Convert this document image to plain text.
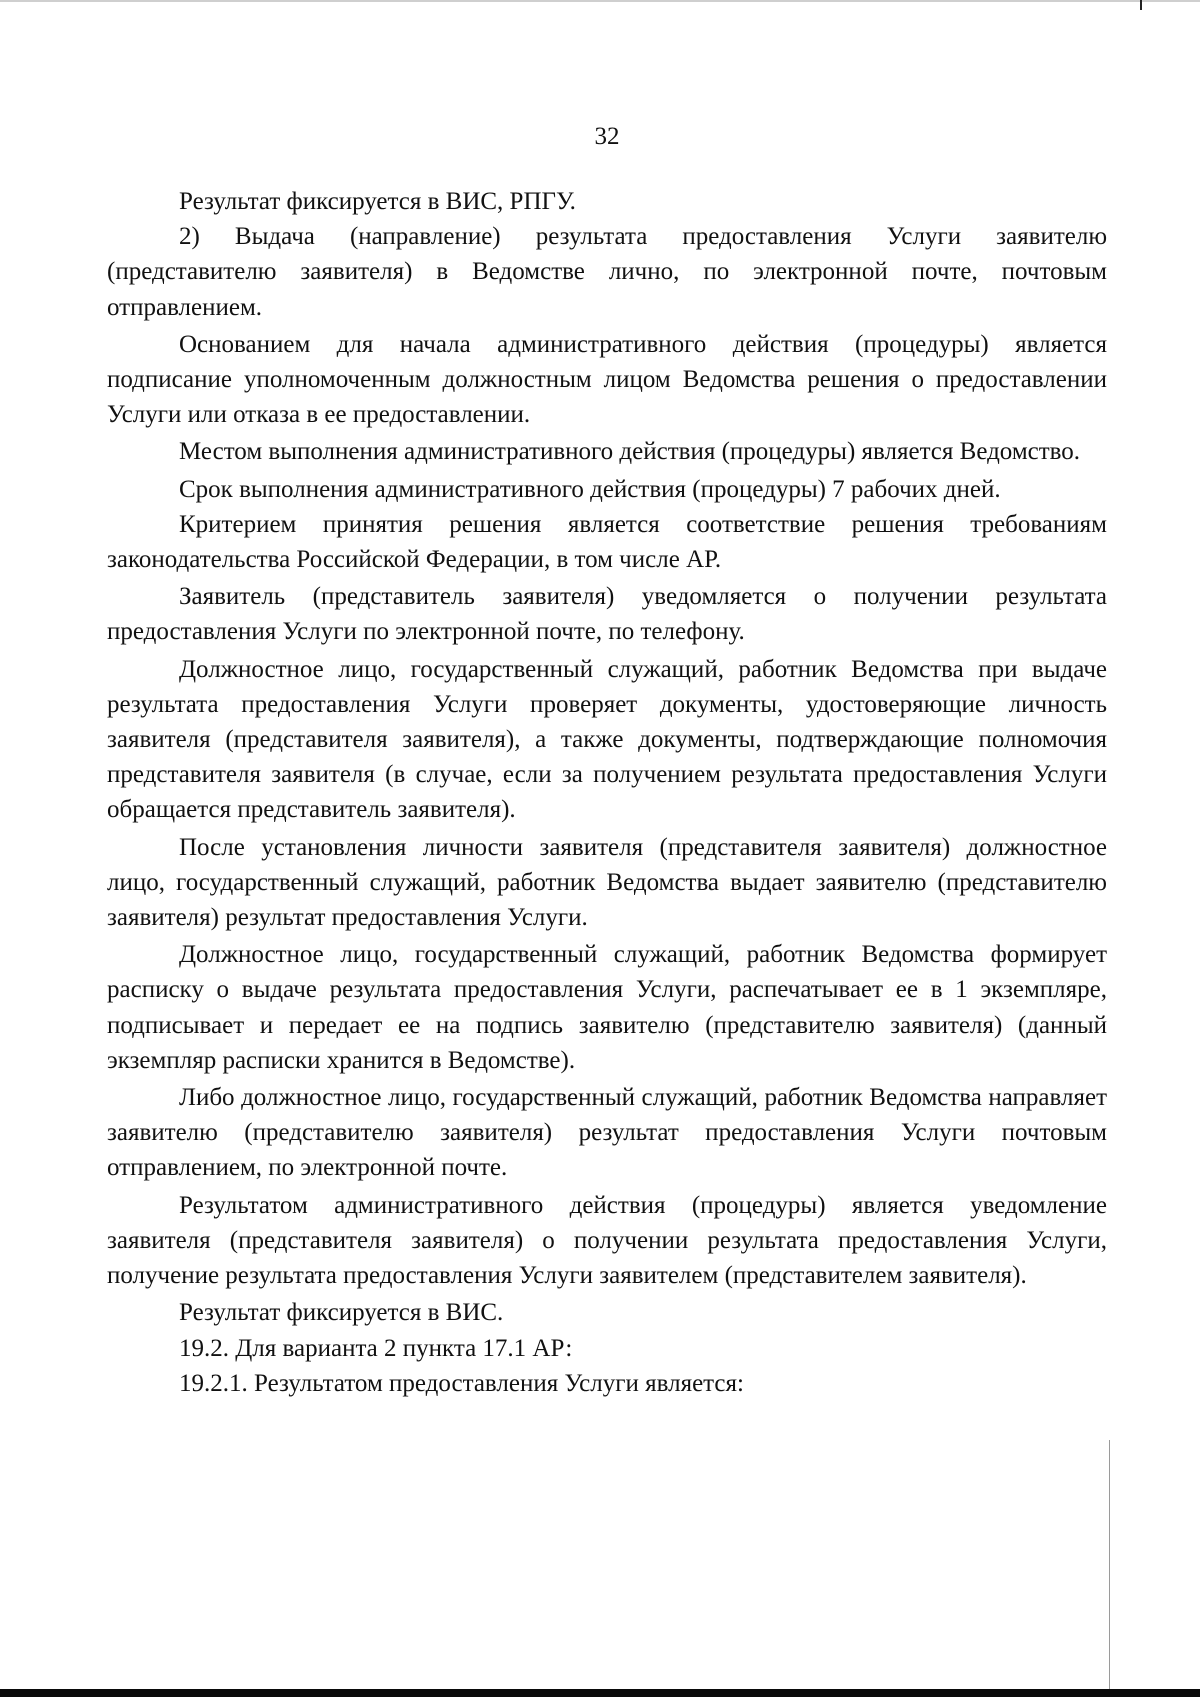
32

Результат фиксируется в ВИС, РПГУ.

2) Выдача (направление) результата предоставления Услуги заявителю (представителю заявителя) в Ведомстве лично, по электронной почте, почтовым отправлением.

Основанием для начала административного действия (процедуры) является подписание уполномоченным должностным лицом Ведомства решения о предоставлении Услуги или отказа в ее предоставлении.

Местом выполнения административного действия (процедуры) является Ведомство.

Срок выполнения административного действия (процедуры) 7 рабочих дней.

Критерием принятия решения является соответствие решения требованиям законодательства Российской Федерации, в том числе АР.

Заявитель (представитель заявителя) уведомляется о получении результата предоставления Услуги по электронной почте, по телефону.

Должностное лицо, государственный служащий, работник Ведомства при выдаче результата предоставления Услуги проверяет документы, удостоверяющие личность заявителя (представителя заявителя), а также документы, подтверждающие полномочия представителя заявителя (в случае, если за получением результата предоставления Услуги обращается представитель заявителя).

После установления личности заявителя (представителя заявителя) должностное лицо, государственный служащий, работник Ведомства выдает заявителю (представителю заявителя) результат предоставления Услуги.

Должностное лицо, государственный служащий, работник Ведомства формирует расписку о выдаче результата предоставления Услуги, распечатывает ее в 1 экземпляре, подписывает и передает ее на подпись заявителю (представителю заявителя) (данный экземпляр расписки хранится в Ведомстве).

Либо должностное лицо, государственный служащий, работник Ведомства направляет заявителю (представителю заявителя) результат предоставления Услуги почтовым отправлением, по электронной почте.

Результатом административного действия (процедуры) является уведомление заявителя (представителя заявителя) о получении результата предоставления Услуги, получение результата предоставления Услуги заявителем (представителем заявителя).

Результат фиксируется в ВИС.

19.2. Для варианта 2 пункта 17.1 АР:

19.2.1. Результатом предоставления Услуги является:
